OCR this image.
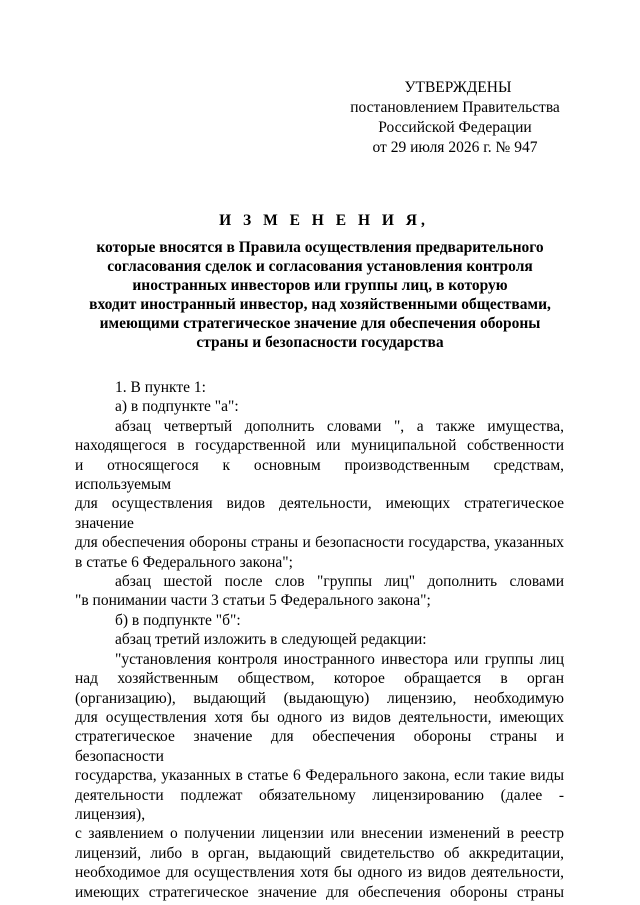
УТВЕРЖДЕНЫ
постановлением Правительства
Российской Федерации
от 29 июля 2026 г. № 947
И З М Е Н Е Н И Я,
которые вносятся в Правила осуществления предварительного
согласования сделок и согласования установления контроля
иностранных инвесторов или группы лиц, в которую
входит иностранный инвестор, над хозяйственными обществами,
имеющими стратегическое значение для обеспечения обороны
страны и безопасности государства
1. В пункте 1:
а) в подпункте "а":
абзац четвертый дополнить словами ", а также имущества,
находящегося в государственной или муниципальной собственности
и относящегося к основным производственным средствам, используемым
для осуществления видов деятельности, имеющих стратегическое значение
для обеспечения обороны страны и безопасности государства, указанных
в статье 6 Федерального закона";
абзац шестой после слов "группы лиц" дополнить словами
"в понимании части 3 статьи 5 Федерального закона";
б) в подпункте "б":
абзац третий изложить в следующей редакции:
"установления контроля иностранного инвестора или группы лиц
над хозяйственным обществом, которое обращается в орган
(организацию), выдающий (выдающую) лицензию, необходимую
для осуществления хотя бы одного из видов деятельности, имеющих
стратегическое значение для обеспечения обороны страны и безопасности
государства, указанных в статье 6 Федерального закона, если такие виды
деятельности подлежат обязательному лицензированию (далее - лицензия),
с заявлением о получении лицензии или внесении изменений в реестр
лицензий, либо в орган, выдающий свидетельство об аккредитации,
необходимое для осуществления хотя бы одного из видов деятельности,
имеющих стратегическое значение для обеспечения обороны страны
